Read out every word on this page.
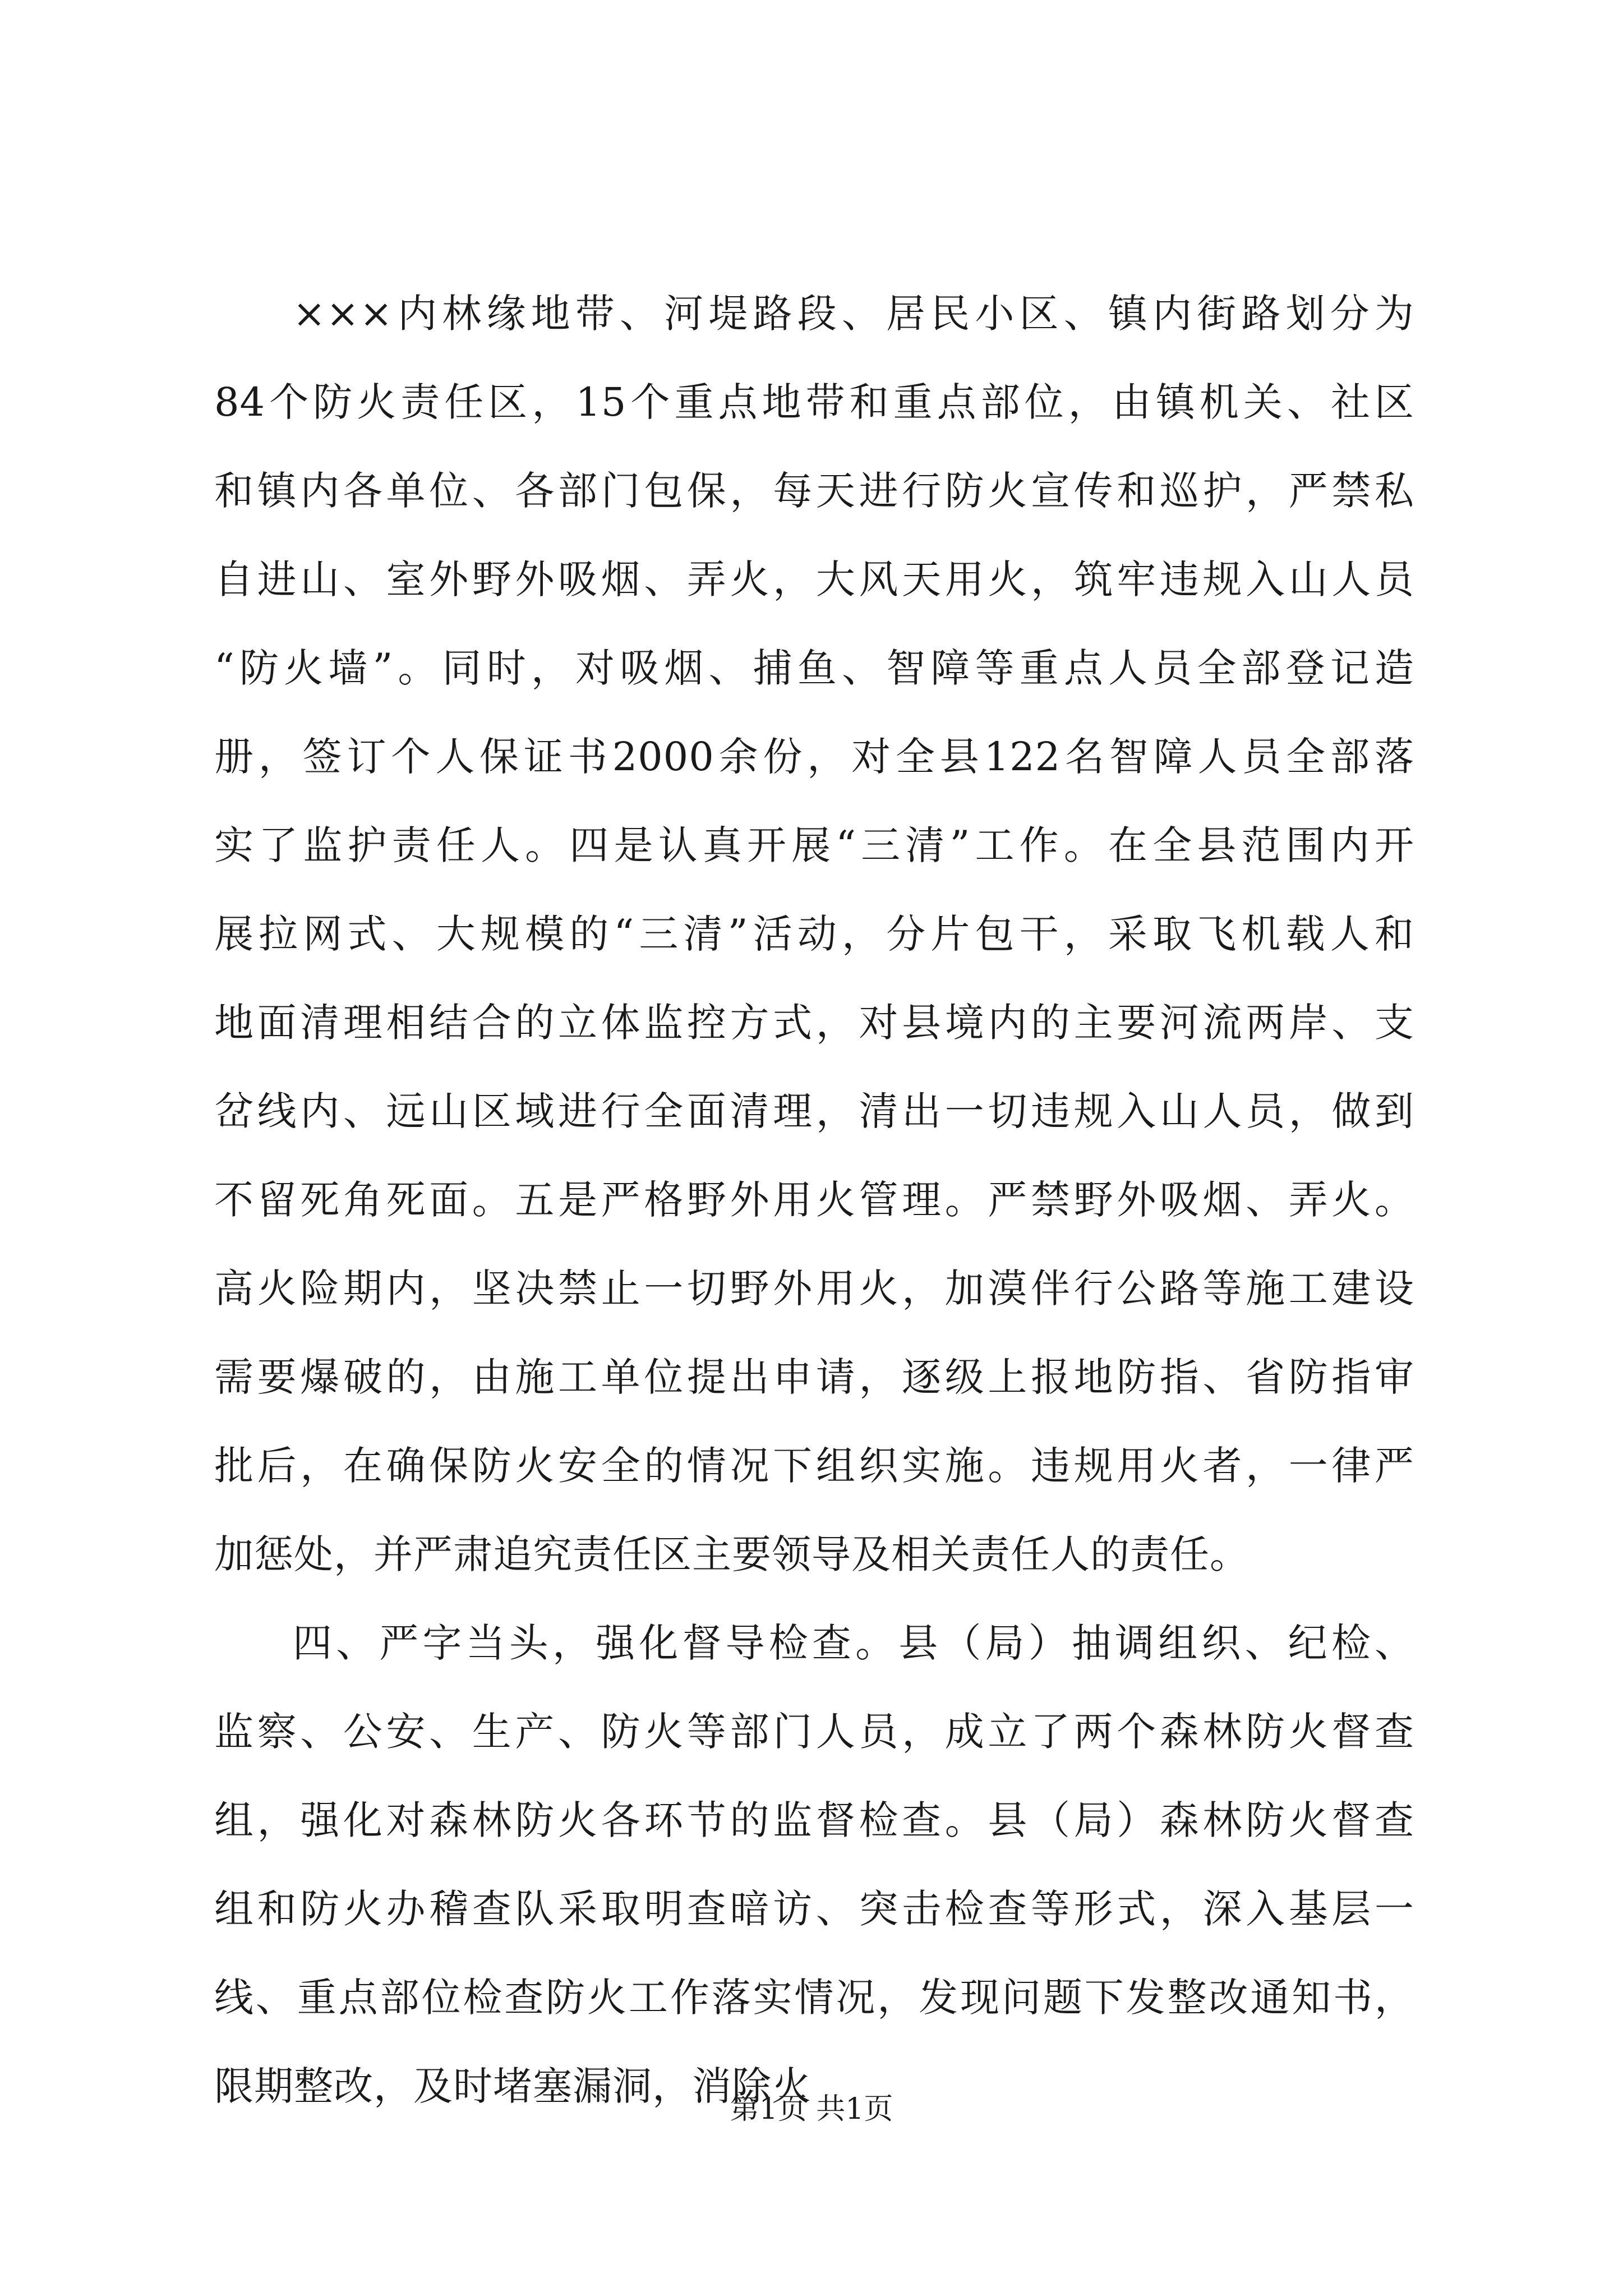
×××内林缘地带、河堤路段、居民小区、镇内街路划分为
84个防火责任区，15个重点地带和重点部位，由镇机关、社区
和镇内各单位、各部门包保，每天进行防火宣传和巡护，严禁私
自进山、室外野外吸烟、弄火，大风天用火，筑牢违规入山人员
“防火墙”。同时，对吸烟、捕鱼、智障等重点人员全部登记造
册，签订个人保证书2000余份，对全县122名智障人员全部落
实了监护责任人。四是认真开展“三清”工作。在全县范围内开
展拉网式、大规模的“三清”活动，分片包干，采取飞机载人和
地面清理相结合的立体监控方式，对县境内的主要河流两岸、支
岔线内、远山区域进行全面清理，清出一切违规入山人员，做到
不留死角死面。五是严格野外用火管理。严禁野外吸烟、弄火。
高火险期内，坚决禁止一切野外用火，加漠伴行公路等施工建设
需要爆破的，由施工单位提出申请，逐级上报地防指、省防指审
批后，在确保防火安全的情况下组织实施。违规用火者，一律严
加惩处，并严肃追究责任区主要领导及相关责任人的责任。
四、严字当头，强化督导检查。县（局）抽调组织、纪检、
监察、公安、生产、防火等部门人员，成立了两个森林防火督查
组，强化对森林防火各环节的监督检查。县（局）森林防火督查
组和防火办稽查队采取明查暗访、突击检查等形式，深入基层一
线、重点部位检查防火工作落实情况，发现问题下发整改通知书，
限期整改，及时堵塞漏洞，消除火
第1页 共1页
